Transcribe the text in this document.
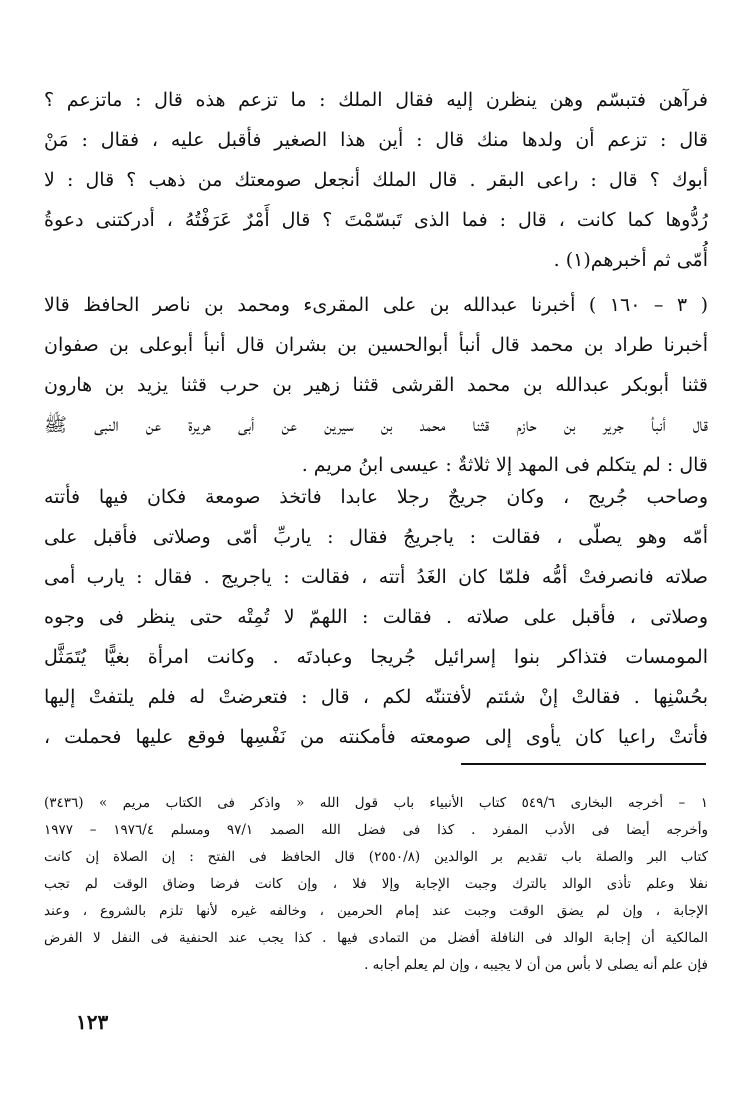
فرآهن فتبسّم وهن ينظرن إليه فقال الملك : ما تزعم هذه قال : ماتزعم ؟
قال : تزعم أن ولدها منك قال : أين هذا الصغير فأقبل عليه ، فقال : مَنْ
أبوك ؟ قال : راعى البقر . قال الملك أنجعل صومعتك من ذهب ؟ قال : لا
رُدُّوها كما كانت ، قال : فما الذى تَبسّمْتَ ؟ قال أَمْرٌ عَرَفْتُهُ ، أدركتنى دعوةُ
أُمّى ثم أخبرهم(١) .
( ٣ – ١٦٠ ) أخبرنا عبدالله بن على المقرىء ومحمد بن ناصر الحافظ قالا
أخبرنا طراد بن محمد قال أنبأ أبوالحسين بن بشران قال أنبأ أبوعلى بن صفوان
قثنا أبوبكر عبدالله بن محمد القرشى قثنا زهير بن حرب قثنا يزيد بن هارون
قال أنبأ جرير بن حازم قثنا محمد بن سيرين عن أبى هريرة عن النبى ﷺ
قال : لم يتكلم فى المهد إلا ثلاثةٌ : عيسى ابنُ مريم .
وصاحب جُريج ، وكان جريجٌ رجلا عابدا فاتخذ صومعة فكان فيها فأتته
أمّه وهو يصلّى ، فقالت : ياجريجُ فقال : ياربِّ أمّى وصلاتى فأقبل على
صلاته فانصرفتْ أمُّه فلمّا كان الغَدُ أتته ، فقالت : ياجريج . فقال : يارب أمى
وصلاتى ، فأقبل على صلاته . فقالت : اللهمّ لا تُمِتْه حتى ينظر فى وجوه
المومسات فتذاكر بنوا إسرائيل جُريجا وعبادتَه . وكانت امرأة بغيًّا يُتَمَثَّل
بحُسْنِها . فقالتْ إنْ شئتم لأفتننّه لكم ، قال : فتعرضتْ له فلم يلتفتْ إليها
فأتتْ راعيا كان يأوى إلى صومعته فأمكنته من نَفْسِها فوقع عليها فحملت ،
١ – أخرجه البخارى ٥٤٩/٦ كتاب الأنبياء باب قول الله « واذكر فى الكتاب مريم » (٣٤٣٦)
وأخرجه أيضا فى الأدب المفرد . كذا فى فضل الله الصمد ٩٧/١ ومسلم ١٩٧٦/٤ – ١٩٧٧
كتاب البر والصلة باب تقديم بر الوالدين (٢٥٥٠/٨) قال الحافظ فى الفتح : إن الصلاة إن كانت
نفلا وعلم تأذى الوالد بالترك وجبت الإجابة وإلا فلا ، وإن كانت فرضا وضاق الوقت لم تجب
الإجابة ، وإن لم يضق الوقت وجبت عند إمام الحرمين ، وخالفه غيره لأنها تلزم بالشروع ، وعند
المالكية أن إجابة الوالد فى النافلة أفضل من التمادى فيها . كذا يجب عند الحنفية فى النفل لا الفرض
فإن علم أنه يصلى لا بأس من أن لا يجيبه ، وإن لم يعلم أجابه .
١٢٣
